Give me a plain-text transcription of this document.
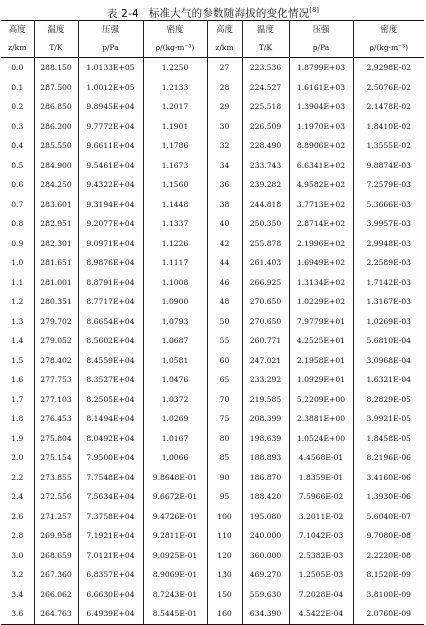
表 2-4 标准大气的参数随海拔的变化情况[8]
高度	温度	压强	密度	高度	温度	压强	密度
z/km	T/K	p/Pa	ρ/(kg·m⁻³)	z/km	T/K	p/Pa	ρ/(kg·m⁻³)
0.0	288.150	1.0133E+05	1.2250	27	223.536	1.8799E+03	2.9298E-02
0.1	287.500	1.0012E+05	1.2133	28	224.527	1.6161E+03	2.5076E-02
0.2	286.850	9.8945E+04	1.2017	29	225.518	1.3904E+03	2.1478E-02
0.3	286.200	9.7772E+04	1.1901	30	226.509	1.1970E+03	1.8410E-02
0.4	285.550	9.6611E+04	1.1786	32	228.490	8.8906E+02	1.3555E-02
0.5	284.900	9.5461E+04	1.1673	34	233.743	6.6341E+02	9.8874E-03
0.6	284.250	9.4322E+04	1.1560	36	239.282	4.9582E+02	7.2579E-03
0.7	283.601	9.3194E+04	1.1448	38	244.818	3.7713E+02	5.3666E-03
0.8	282.951	9.2077E+04	1.1337	40	250.350	2.8714E+02	3.9957E-03
0.9	282.301	9.0971E+04	1.1226	42	255.878	2.1996E+02	2.9948E-03
1.0	281.651	8.9876E+04	1.1117	44	261.403	1.6949E+02	2.2589E-03
1.1	281.001	8.8791E+04	1.1008	46	266.925	1.3134E+02	1.7142E-03
1.2	280.351	8.7717E+04	1.0900	48	270.650	1.0229E+02	1.3167E-03
1.3	279.702	8.6654E+04	1.0793	50	270.650	7.9779E+01	1.0269E-03
1.4	279.052	8.5602E+04	1.0687	55	260.771	4.2525E+01	5.6810E-04
1.5	278.402	8.4559E+04	1.0581	60	247.021	2.1958E+01	3.0968E-04
1.6	277.753	8.3527E+04	1.0476	65	233.292	1.0929E+01	1.6321E-04
1.7	277.103	8.2505E+04	1.0372	70	219.585	5.2209E+00	8.2829E-05
1.8	276.453	8.1494E+04	1.0269	75	208.399	2.3881E+00	3.9921E-05
1.9	275.804	8.0492E+04	1.0167	80	198.639	1.0524E+00	1.8458E-05
2.0	275.154	7.9500E+04	1.0066	85	188.893	4.4568E-01	8.2196E-06
2.2	273.855	7.7548E+04	9.8648E-01	90	186.870	1.8359E-01	3.4160E-06
2.4	272.556	7.5634E+04	9.6672E-01	95	188.420	7.5966E-02	1.3930E-06
2.6	271.257	7.3758E+04	9.4726E-01	100	195.080	3.2011E-02	5.6040E-07
2.8	269.958	7.1921E+04	9.2811E-01	110	240.000	7.1042E-03	9.7080E-08
3.0	268.659	7.0121E+04	9.0925E-01	120	360.000	2.5382E-03	2.2220E-08
3.2	267.360	6.8357E+04	8.9069E-01	130	469.270	1.2505E-03	8.1520E-09
3.4	266.062	6.6630E+04	8.7243E-01	150	559.630	7.2028E-04	3.8100E-09
3.6	264.763	6.4939E+04	8.5445E-01	160	634.390	4.5422E-04	2.0760E-09
